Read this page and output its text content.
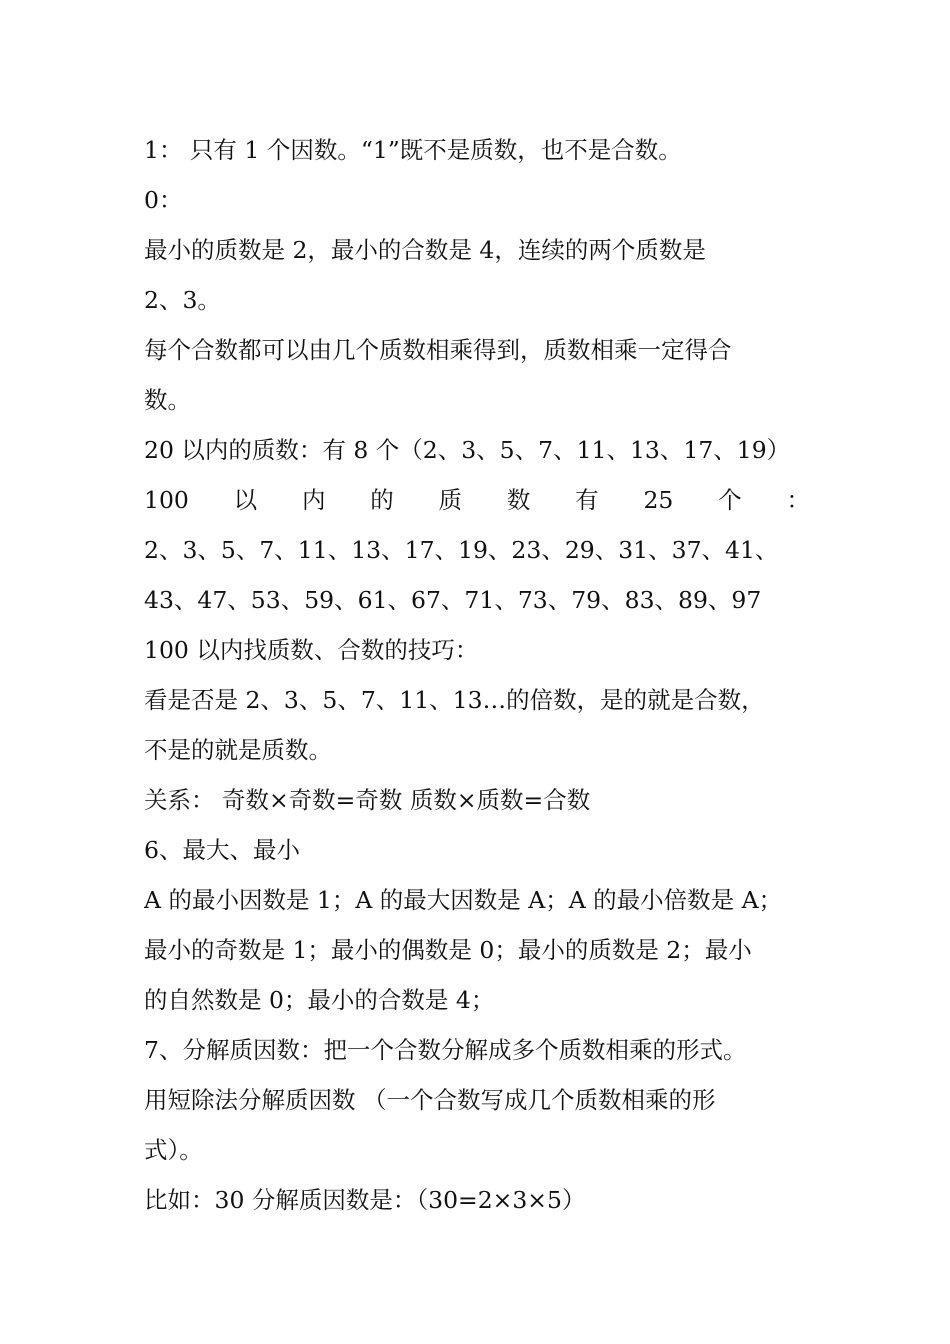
1： 只有 1 个因数。“1”既不是质数，也不是合数。
0：
最小的质数是 2，最小的合数是 4，连续的两个质数是
2、3。
每个合数都可以由几个质数相乘得到，质数相乘一定得合
数。
20 以内的质数：有 8 个（2、3、5、7、11、13、17、19）
100 以 内 的 质 数 有 25 个 ：
2、3、5、7、11、13、17、19、23、29、31、37、41、
43、47、53、59、61、67、71、73、79、83、89、97
100 以内找质数、合数的技巧：
看是否是 2、3、5、7、11、13…的倍数，是的就是合数，
不是的就是质数。
关系： 奇数×奇数=奇数 质数×质数=合数
6、最大、最小
A 的最小因数是 1；A 的最大因数是 A；A 的最小倍数是 A；
最小的奇数是 1；最小的偶数是 0；最小的质数是 2；最小
的自然数是 0；最小的合数是 4；
7、分解质因数：把一个合数分解成多个质数相乘的形式。
用短除法分解质因数 （一个合数写成几个质数相乘的形
式）。
比如：30 分解质因数是：（30=2×3×5）
